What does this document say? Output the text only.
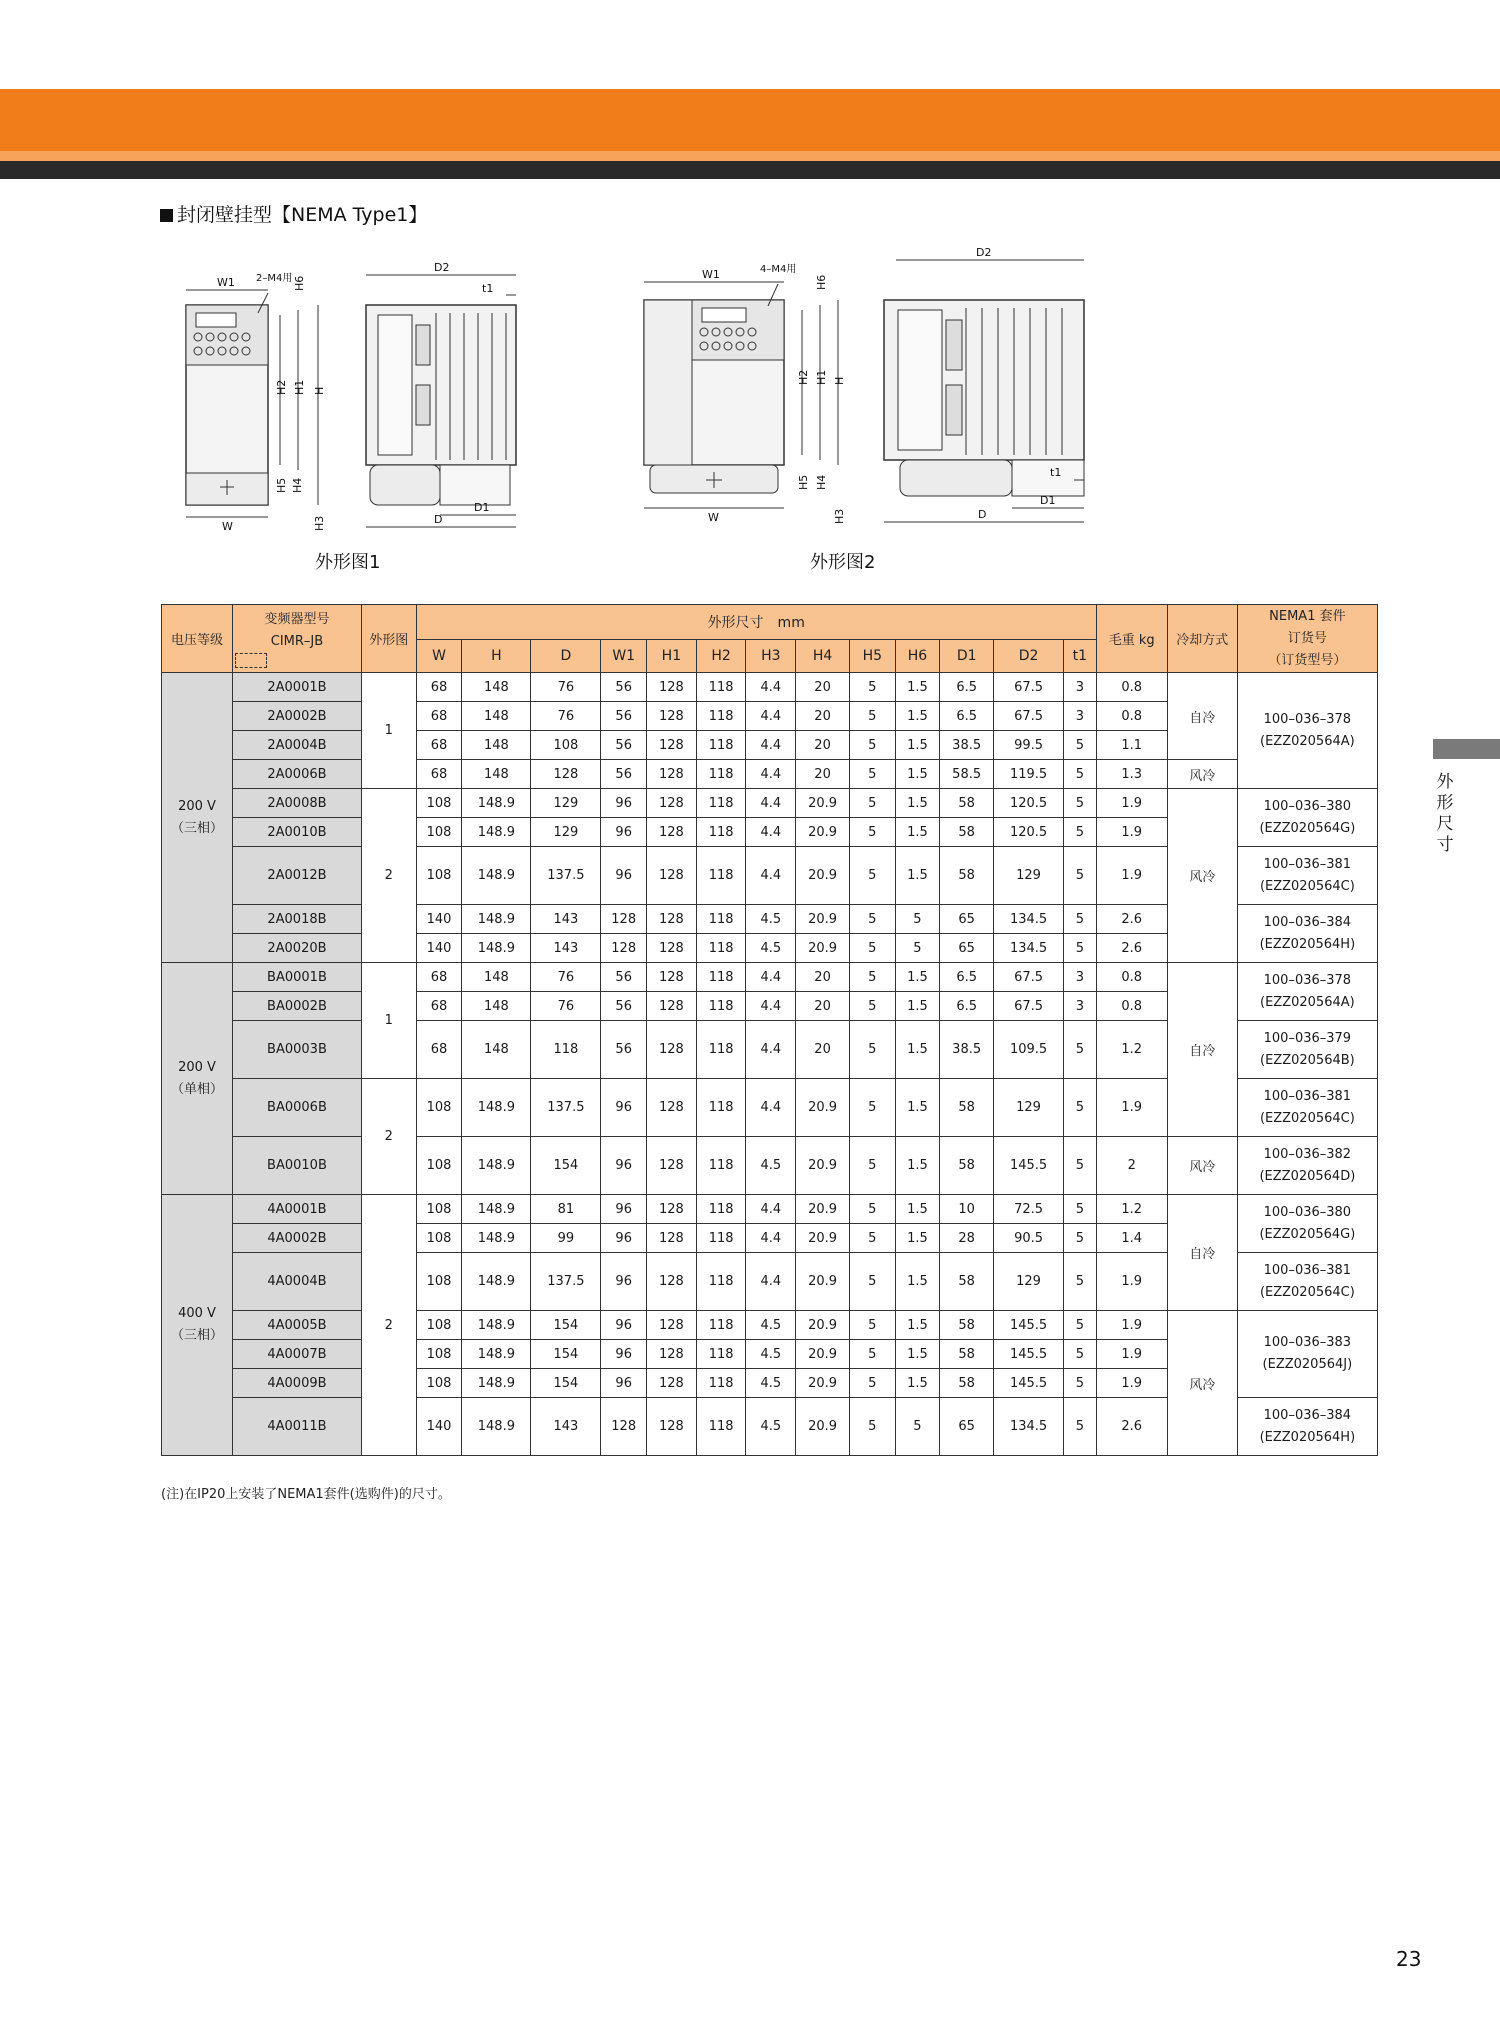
封闭壁挂型【NEMA Type1】
W1 2–M4用
W
H2 H1 H
H6
H5 H4
H3
D2
t1
D1
D
外形图1
W1	4–M4用
W
H2 H1 H
H6
H5 H4
H3
D2
t1
D1
D
外形图2
外
形
尺
寸
电压等级	变频器型号
CIMR–JB	外形图	外形尺寸　mm													毛重 kg	冷却方式	NEMA1 套件
订货号
（订货型号）

			W	H	D	W1	H1	H2	H3	H4	H5	H6	D1	D2	t1			

200 V
（三相）	2A0001B	1	68	148	76	56	128	118	4.4	20	5	1.5	6.5	67.5	3	0.8	自冷	100–036–378
(EZZ020564A)

	2A0002B		68	148	76	56	128	118	4.4	20	5	1.5	6.5	67.5	3	0.8		
	2A0004B		68	148	108	56	128	118	4.4	20	5	1.5	38.5	99.5	5	1.1		
	2A0006B		68	148	128	56	128	118	4.4	20	5	1.5	58.5	119.5	5	1.3	风冷	
	2A0008B	2	108	148.9	129	96	128	118	4.4	20.9	5	1.5	58	120.5	5	1.9	风冷	100–036–380
(EZZ020564G)

	2A0010B		108	148.9	129	96	128	118	4.4	20.9	5	1.5	58	120.5	5	1.9		
	2A0012B		108	148.9	137.5	96	128	118	4.4	20.9	5	1.5	58	129	5	1.9		100–036–381
(EZZ020564C)

	2A0018B		140	148.9	143	128	128	118	4.5	20.9	5	5	65	134.5	5	2.6		100–036–384
(EZZ020564H)

	2A0020B		140	148.9	143	128	128	118	4.5	20.9	5	5	65	134.5	5	2.6		

200 V
（单相）	BA0001B	1	68	148	76	56	128	118	4.4	20	5	1.5	6.5	67.5	3	0.8	自冷	100–036–378
(EZZ020564A)

	BA0002B		68	148	76	56	128	118	4.4	20	5	1.5	6.5	67.5	3	0.8		
	BA0003B		68	148	118	56	128	118	4.4	20	5	1.5	38.5	109.5	5	1.2		100–036–379
(EZZ020564B)

	BA0006B	2	108	148.9	137.5	96	128	118	4.4	20.9	5	1.5	58	129	5	1.9		100–036–381
(EZZ020564C)

	BA0010B		108	148.9	154	96	128	118	4.5	20.9	5	1.5	58	145.5	5	2	风冷	100–036–382
(EZZ020564D)

400 V
（三相）	4A0001B	2	108	148.9	81	96	128	118	4.4	20.9	5	1.5	10	72.5	5	1.2	自冷	100–036–380
(EZZ020564G)

	4A0002B		108	148.9	99	96	128	118	4.4	20.9	5	1.5	28	90.5	5	1.4		
	4A0004B		108	148.9	137.5	96	128	118	4.4	20.9	5	1.5	58	129	5	1.9		100–036–381
(EZZ020564C)

	4A0005B		108	148.9	154	96	128	118	4.5	20.9	5	1.5	58	145.5	5	1.9	风冷	100–036–383
(EZZ020564J)

	4A0007B		108	148.9	154	96	128	118	4.5	20.9	5	1.5	58	145.5	5	1.9		
	4A0009B		108	148.9	154	96	128	118	4.5	20.9	5	1.5	58	145.5	5	1.9		
	4A0011B		140	148.9	143	128	128	118	4.5	20.9	5	5	65	134.5	5	2.6		100–036–384
(EZZ020564H)
(注)在IP20上安装了NEMA1套件(选购件)的尺寸。
23
